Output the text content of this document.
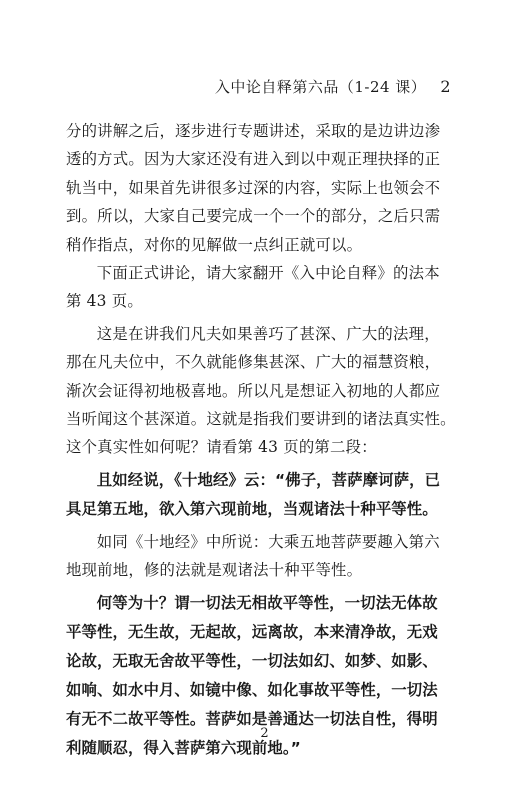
入中论自释第六品（1-24 课） 2

分的讲解之后，逐步进行专题讲述，采取的是边讲边渗

透的方式。因为大家还没有进入到以中观正理抉择的正

轨当中，如果首先讲很多过深的内容，实际上也领会不

到。所以，大家自己要完成一个一个的部分，之后只需

稍作指点，对你的见解做一点纠正就可以。

下面正式讲论，请大家翻开《入中论自释》的法本

第 43 页。

这是在讲我们凡夫如果善巧了甚深、广大的法理，

那在凡夫位中，不久就能修集甚深、广大的福慧资粮，

渐次会证得初地极喜地。所以凡是想证入初地的人都应

当听闻这个甚深道。这就是指我们要讲到的诸法真实性。

这个真实性如何呢？请看第 43 页的第二段：

且如经说，《十地经》云：“佛子，菩萨摩诃萨，已

具足第五地，欲入第六现前地，当观诸法十种平等性。

如同《十地经》中所说：大乘五地菩萨要趣入第六

地现前地，修的法就是观诸法十种平等性。

何等为十？谓一切法无相故平等性，一切法无体故

平等性，无生故，无起故，远离故，本来清净故，无戏

论故，无取无舍故平等性，一切法如幻、如梦、如影、

如响、如水中月、如镜中像、如化事故平等性，一切法

有无不二故平等性。菩萨如是善通达一切法自性，得明

利随顺忍，得入菩萨第六现前地。”

2
